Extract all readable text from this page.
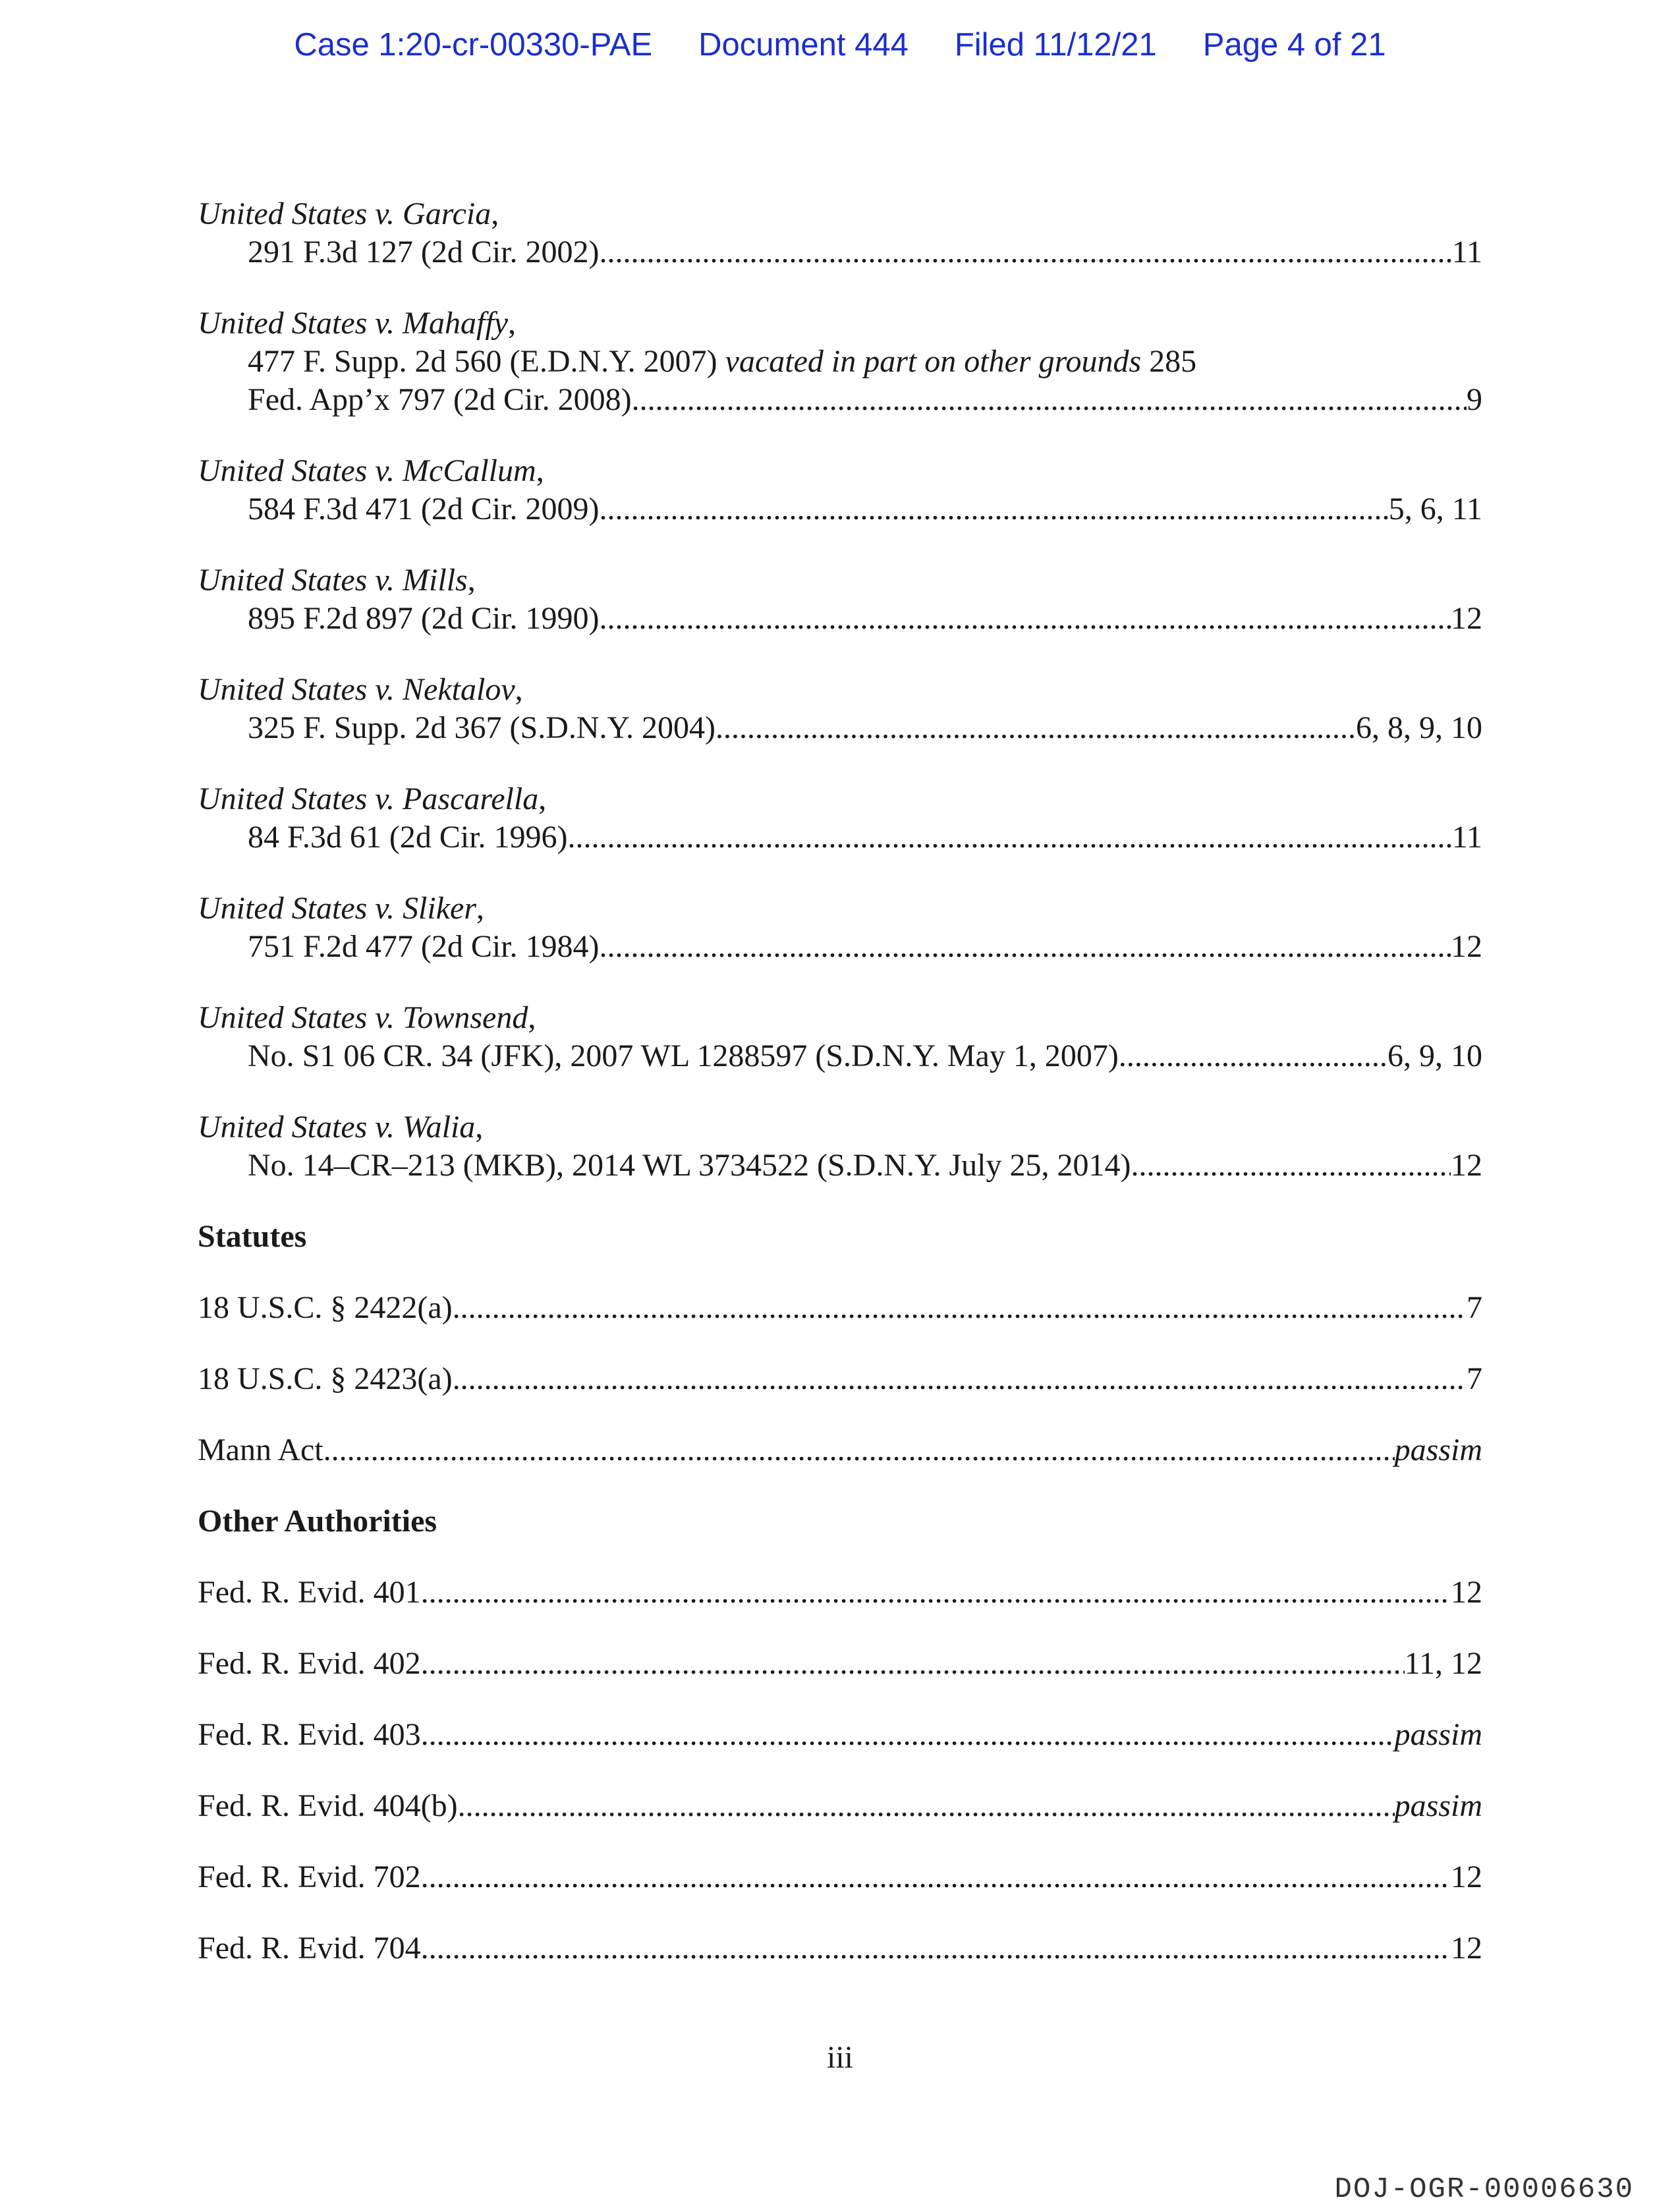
Case 1:20-cr-00330-PAE Document 444 Filed 11/12/21 Page 4 of 21
United States v. Garcia,
291 F.3d 127 (2d Cir. 2002) .....	11
United States v. Mahaffy,
477 F. Supp. 2d 560 (E.D.N.Y. 2007) vacated in part on other grounds 285
Fed. App’x 797 (2d Cir. 2008) .....	9
United States v. McCallum,
584 F.3d 471 (2d Cir. 2009) .....	5, 6, 11
United States v. Mills,
895 F.2d 897 (2d Cir. 1990) .....	12
United States v. Nektalov,
325 F. Supp. 2d 367 (S.D.N.Y. 2004) .....	6, 8, 9, 10
United States v. Pascarella,
84 F.3d 61 (2d Cir. 1996) .....	11
United States v. Sliker,
751 F.2d 477 (2d Cir. 1984) .....	12
United States v. Townsend,
No. S1 06 CR. 34 (JFK), 2007 WL 1288597 (S.D.N.Y. May 1, 2007) .....	6, 9, 10
United States v. Walia,
No. 14–CR–213 (MKB), 2014 WL 3734522 (S.D.N.Y. July 25, 2014) .....	12
Statutes
18 U.S.C. § 2422(a) .....	7
18 U.S.C. § 2423(a) .....	7
Mann Act .....	passim
Other Authorities
Fed. R. Evid. 401 .....	12
Fed. R. Evid. 402 .....	11, 12
Fed. R. Evid. 403 .....	passim
Fed. R. Evid. 404(b) .....	passim
Fed. R. Evid. 702 .....	12
Fed. R. Evid. 704 .....	12
iii
DOJ-OGR-00006630
